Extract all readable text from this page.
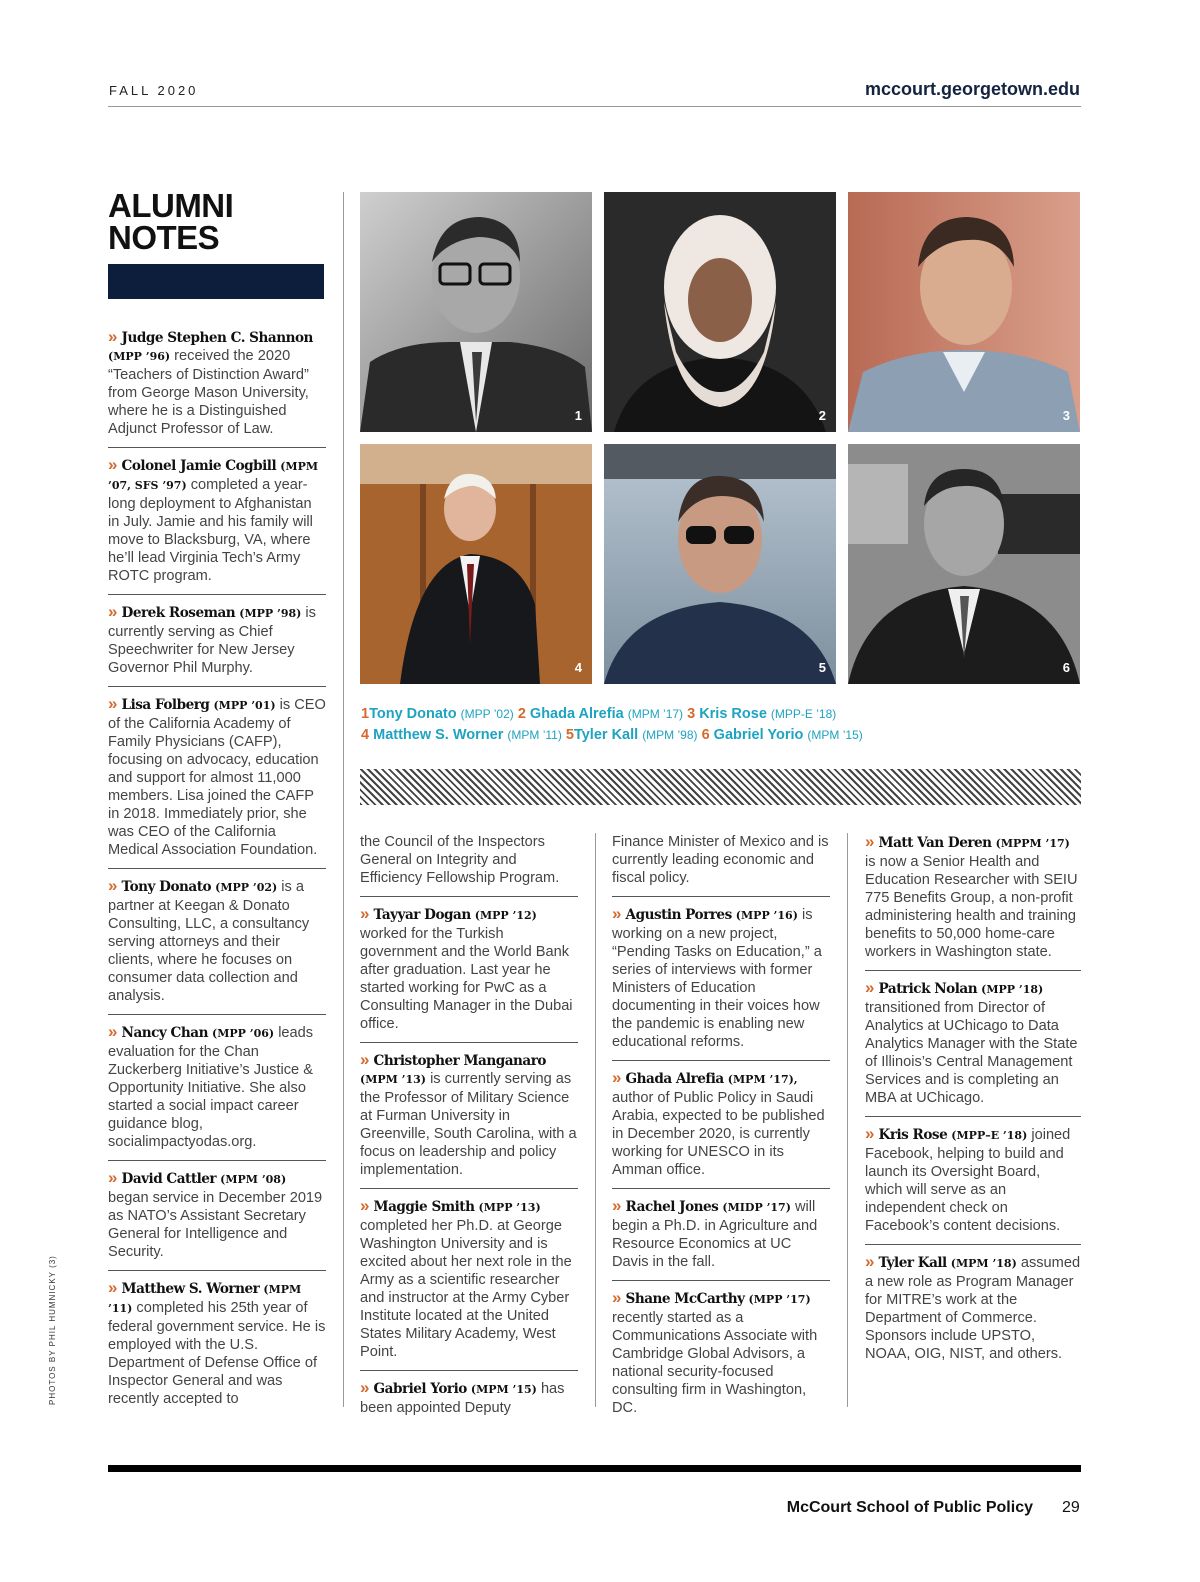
FALL 2020	mccourt.georgetown.edu
ALUMNI
NOTES
PHOTOS BY PHIL HUMNICKY (3)
1	2	3
4	5	6
1Tony Donato (MPP ’02) 2 Ghada Alrefia (MPM ’17) 3 Kris Rose (MPP-E ’18)
4 Matthew S. Worner (MPM ’11) 5Tyler Kall (MPM ’98) 6 Gabriel Yorio (MPM ’15)
» Judge Stephen C. Shannon (MPP ’96) received the 2020 “Teachers of Distinction Award” from George Mason University, where he is a Distinguished Adjunct Professor of Law.
» Colonel Jamie Cogbill (MPM ’07, SFS ’97) completed a year-long deployment to Afghanistan in July. Jamie and his family will move to Blacksburg, VA, where he’ll lead Virginia Tech’s Army ROTC program.
» Derek Roseman (MPP ’98) is currently serving as Chief Speechwriter for New Jersey Governor Phil Murphy.
» Lisa Folberg (MPP ’01) is CEO of the California Academy of Family Physicians (CAFP), focusing on advocacy, education and support for almost 11,000 members. Lisa joined the CAFP in 2018. Immediately prior, she was CEO of the California Medical Association Foundation.
» Tony Donato (MPP ’02) is a partner at Keegan & Donato Consulting, LLC, a consultancy serving attorneys and their clients, where he focuses on consumer data collection and analysis.
» Nancy Chan (MPP ’06) leads evaluation for the Chan Zuckerberg Initiative’s Justice & Opportunity Initiative. She also started a social impact career guidance blog, socialimpactyodas.org.
» David Cattler (MPM ’08) began service in December 2019 as NATO’s Assistant Secretary General for Intelligence and Security.
» Matthew S. Worner (MPM ’11) completed his 25th year of federal government service. He is employed with the U.S. Department of Defense Office of Inspector General and was recently accepted to
the Council of the Inspectors General on Integrity and Efficiency Fellowship Program.
» Tayyar Dogan (MPP ’12) worked for the Turkish government and the World Bank after graduation. Last year he started working for PwC as a Consulting Manager in the Dubai office.
» Christopher Manganaro (MPM ’13) is currently serving as the Professor of Military Science at Furman University in Greenville, South Carolina, with a focus on leadership and policy implementation.
» Maggie Smith (MPP ’13) completed her Ph.D. at George Washington University and is excited about her next role in the Army as a scientific researcher and instructor at the Army Cyber Institute located at the United States Military Academy, West Point.
» Gabriel Yorio (MPM ’15) has been appointed Deputy
Finance Minister of Mexico and is currently leading economic and fiscal policy.
» Agustin Porres (MPP ’16) is working on a new project, “Pending Tasks on Education,” a series of interviews with former Ministers of Education documenting in their voices how the pandemic is enabling new educational reforms.
» Ghada Alrefia (MPM ’17), author of Public Policy in Saudi Arabia, expected to be published in December 2020, is currently working for UNESCO in its Amman office.
» Rachel Jones (MIDP ’17) will begin a Ph.D. in Agriculture and Resource Economics at UC Davis in the fall.
» Shane McCarthy (MPP ’17) recently started as a Communications Associate with Cambridge Global Advisors, a national security-focused consulting firm in Washington, DC.
» Matt Van Deren (MPPM ’17) is now a Senior Health and Education Researcher with SEIU 775 Benefits Group, a non-profit administering health and training benefits to 50,000 home-care workers in Washington state.
» Patrick Nolan (MPP ’18) transitioned from Director of Analytics at UChicago to Data Analytics Manager with the State of Illinois’s Central Management Services and is completing an MBA at UChicago.
» Kris Rose (MPP–E ’18) joined Facebook, helping to build and launch its Oversight Board, which will serve as an independent check on Facebook’s content decisions.
» Tyler Kall (MPM ’18) assumed a new role as Program Manager for MITRE’s work at the Department of Commerce. Sponsors include UPSTO, NOAA, OIG, NIST, and others.
McCourt School of Public Policy 29
